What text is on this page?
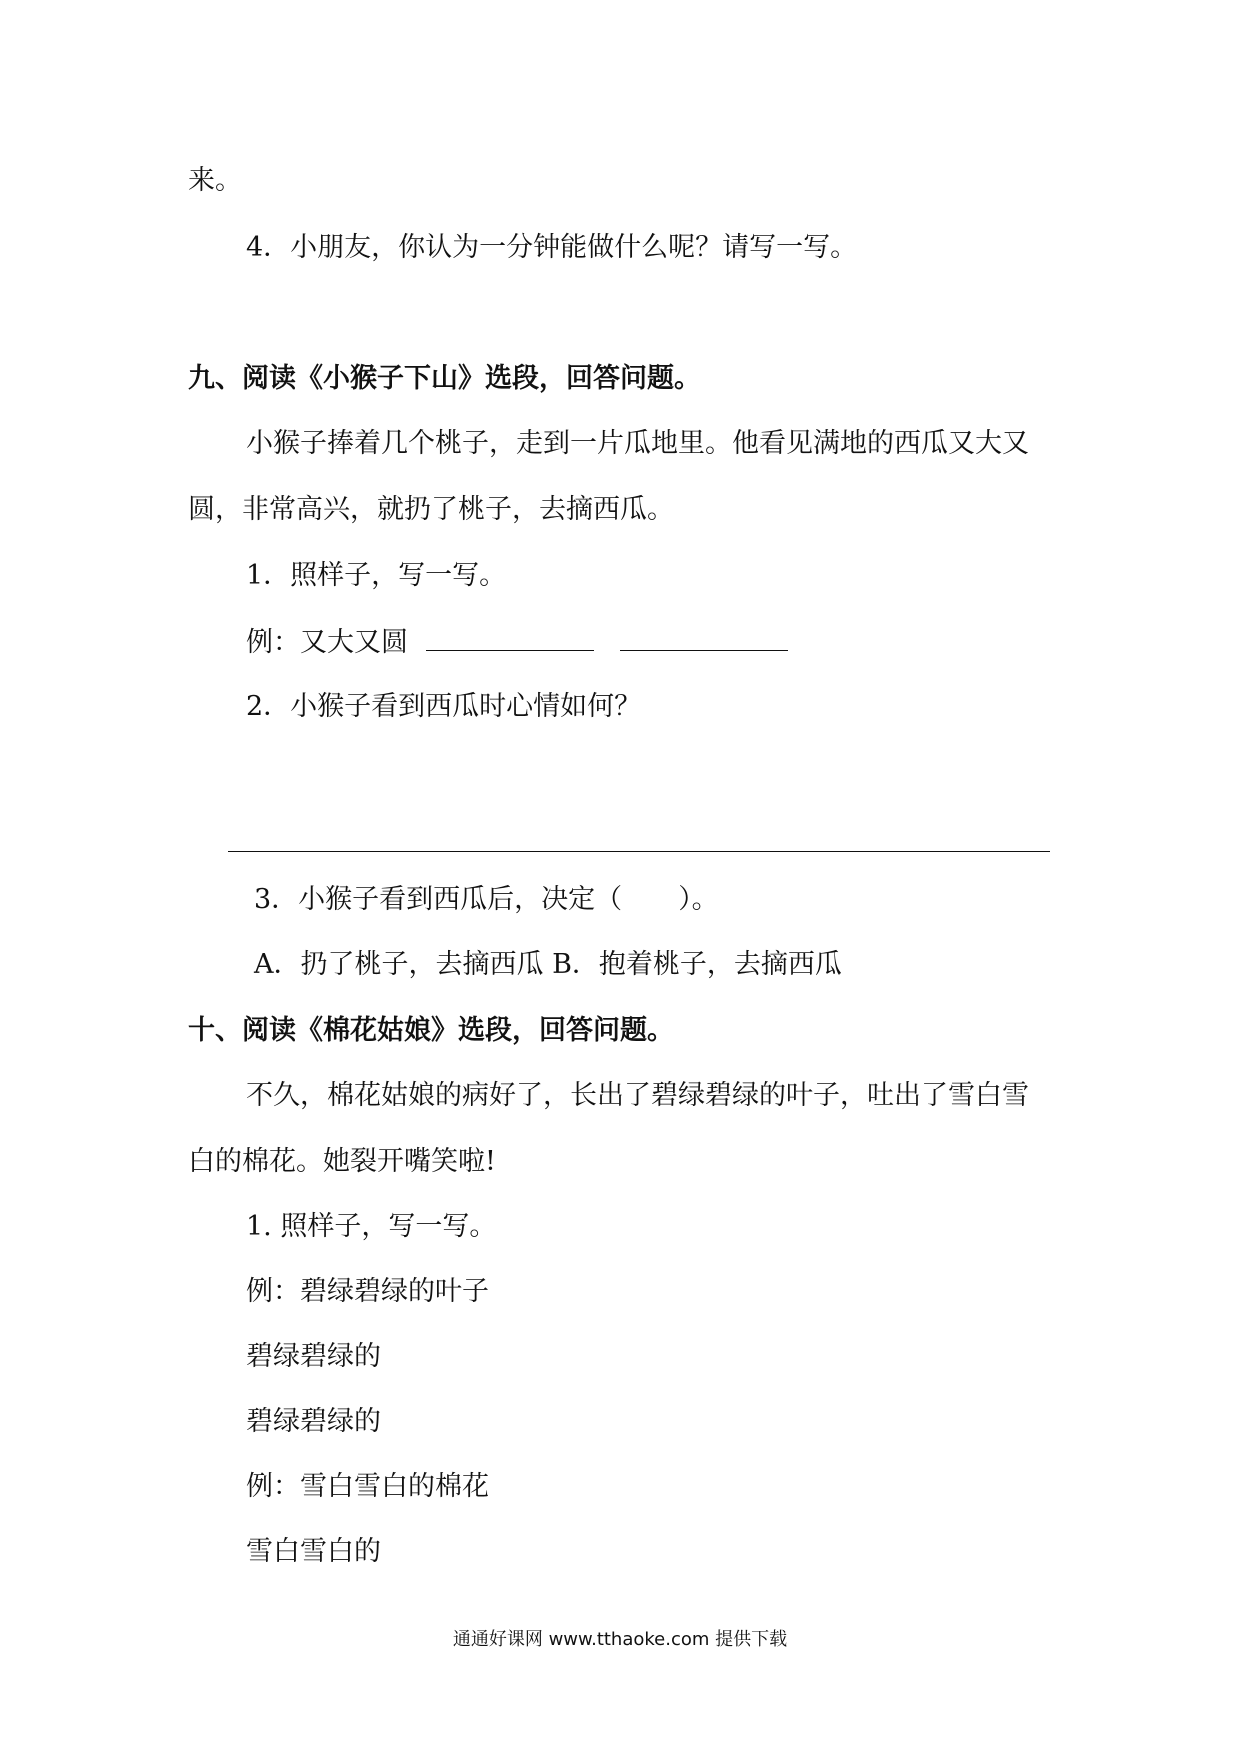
来。
4．小朋友，你认为一分钟能做什么呢？请写一写。
九、阅读《小猴子下山》选段，回答问题。
小猴子捧着几个桃子，走到一片瓜地里。他看见满地的西瓜又大又
圆，非常高兴，就扔了桃子，去摘西瓜。
1．照样子，写一写。
例：又大又圆
2．小猴子看到西瓜时心情如何？
3．小猴子看到西瓜后，决定（ ）。
A．扔了桃子，去摘西瓜 B．抱着桃子，去摘西瓜
十、阅读《棉花姑娘》选段，回答问题。
不久，棉花姑娘的病好了，长出了碧绿碧绿的叶子，吐出了雪白雪
白的棉花。她裂开嘴笑啦!
1. 照样子，写一写。
例：碧绿碧绿的叶子
碧绿碧绿的
碧绿碧绿的
例：雪白雪白的棉花
雪白雪白的
通通好课网 www.tthaoke.com 提供下载
